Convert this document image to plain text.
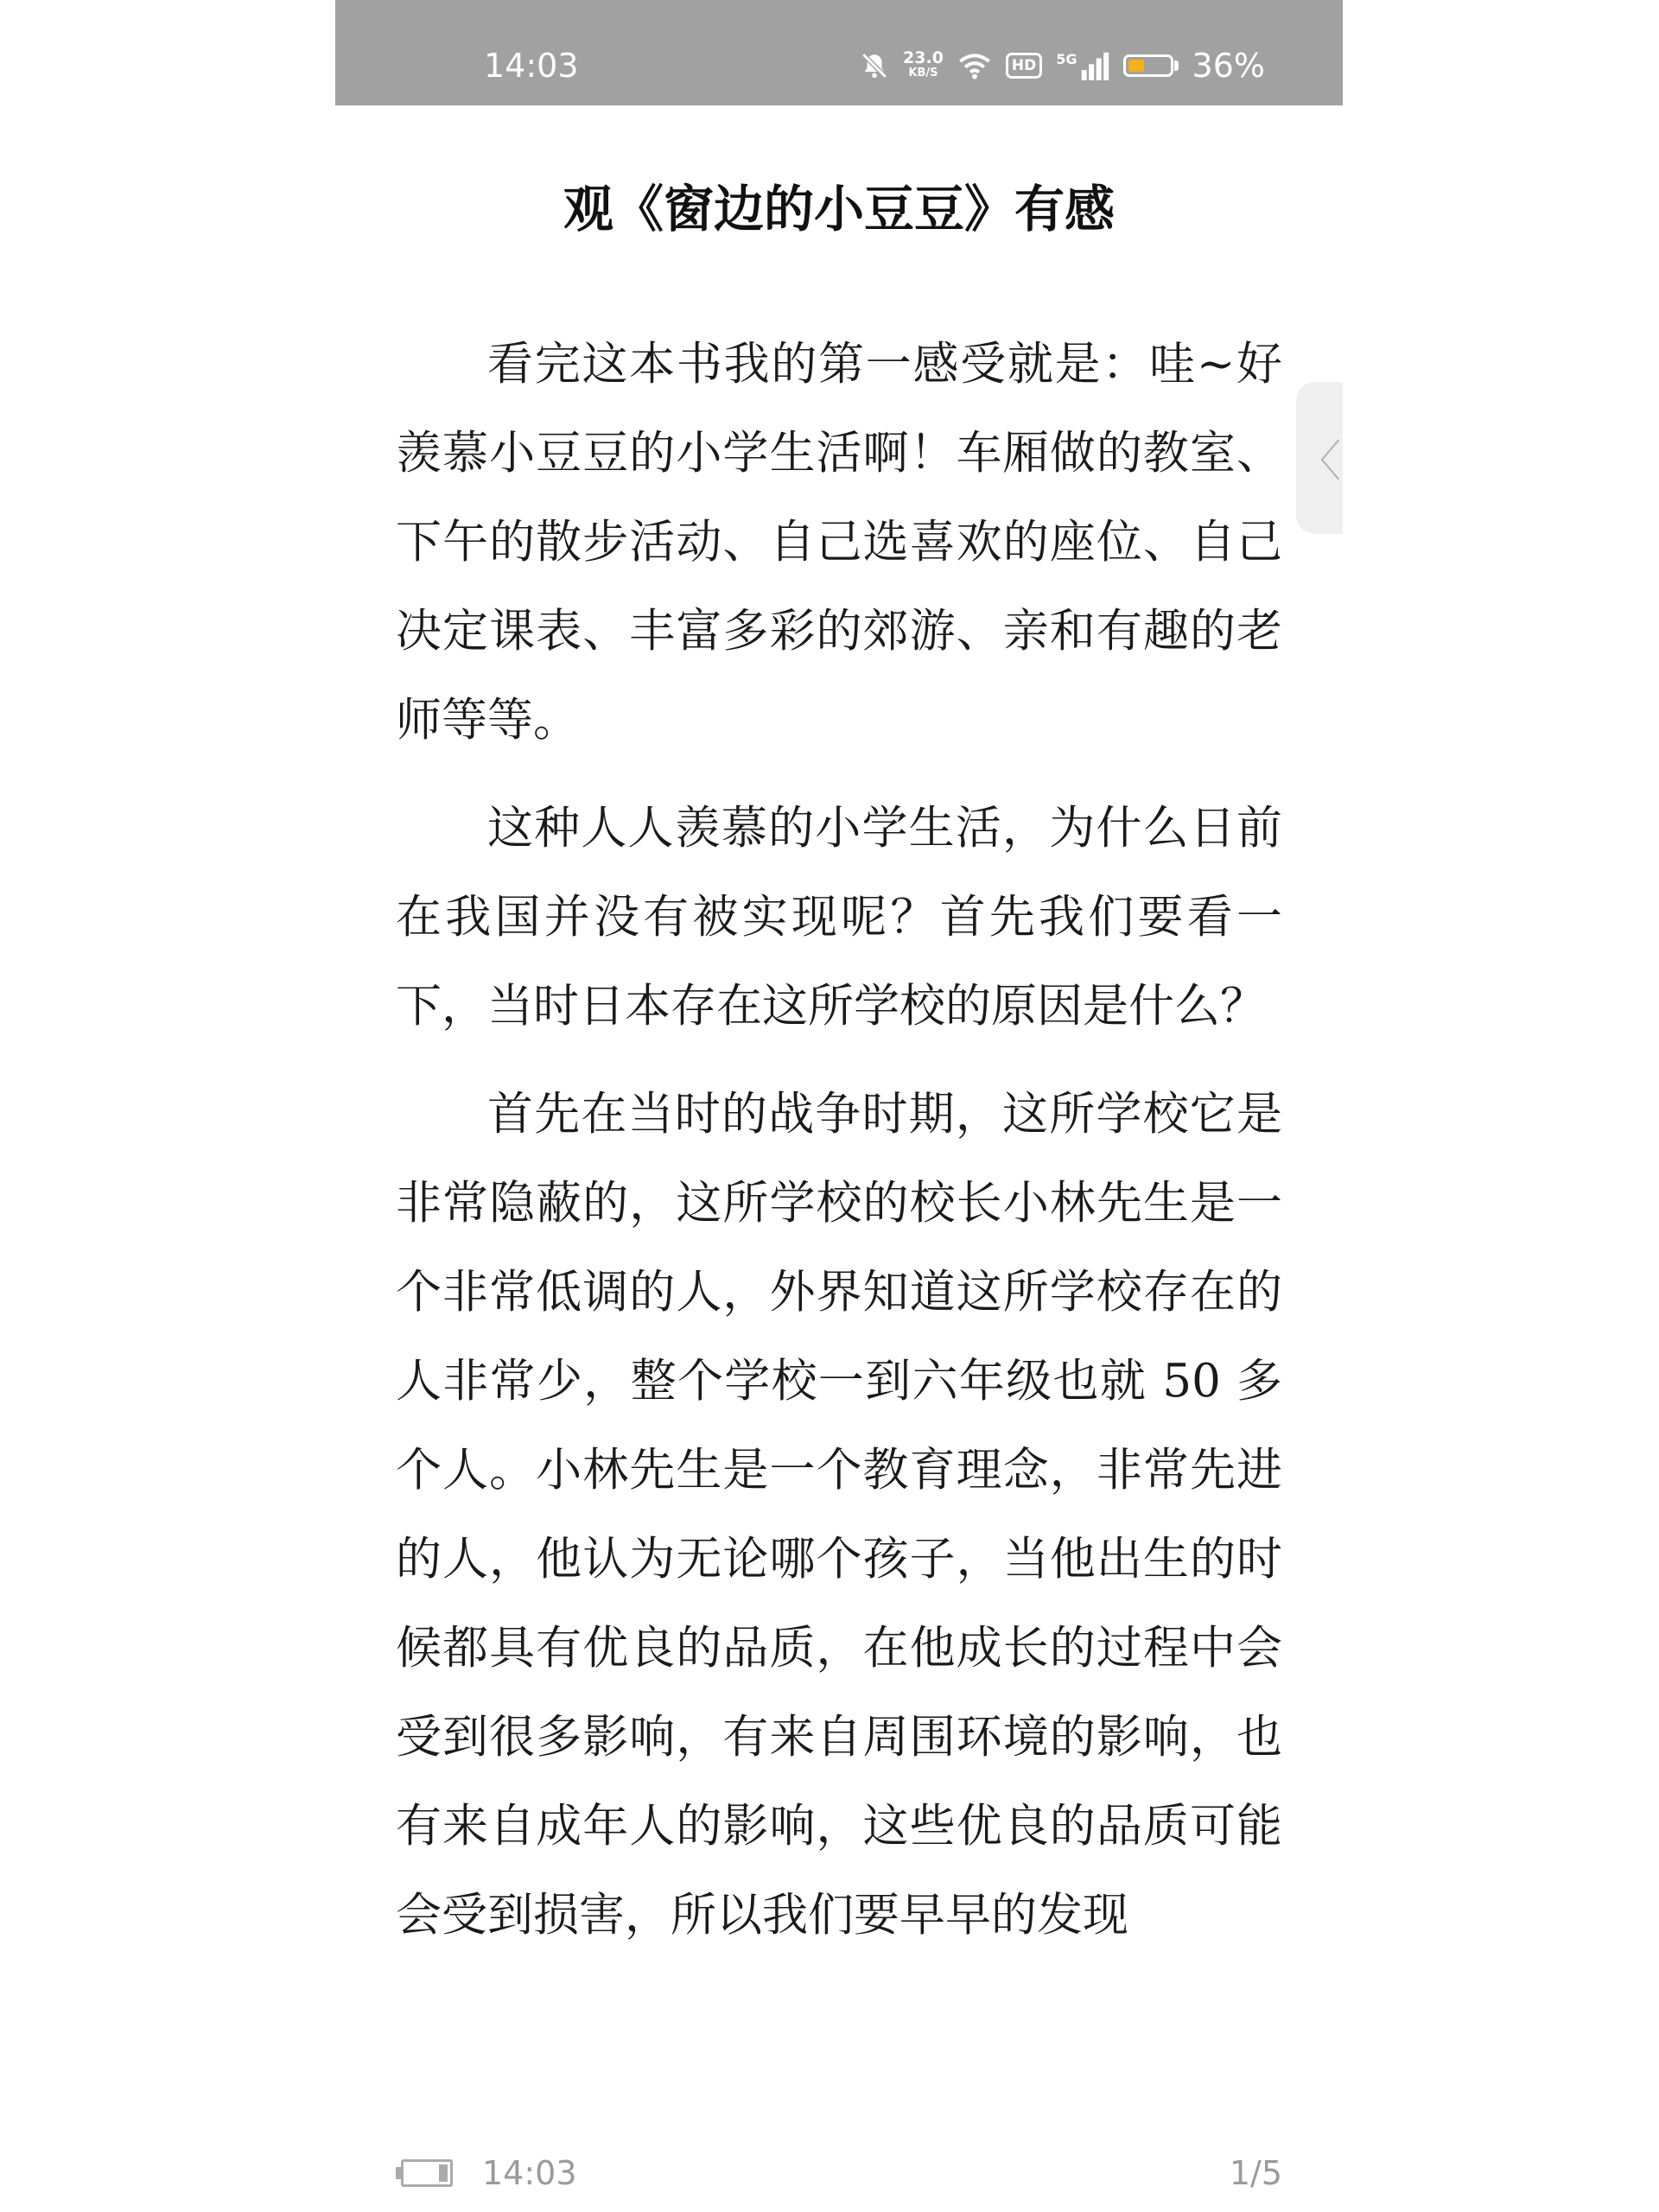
14:03	23.0
KB/S	HD	5G	36%
观《窗边的小豆豆》有感

看完这本书我的第一感受就是：哇~好羡慕小豆豆的小学生活啊！车厢做的教室、下午的散步活动、自己选喜欢的座位、自己决定课表、丰富多彩的郊游、亲和有趣的老师等等。

这种人人羡慕的小学生活，为什么日前在我国并没有被实现呢？首先我们要看一下，当时日本存在这所学校的原因是什么？

首先在当时的战争时期，这所学校它是非常隐蔽的，这所学校的校长小林先生是一个非常低调的人，外界知道这所学校存在的人非常少，整个学校一到六年级也就 50 多个人。小林先生是一个教育理念，非常先进的人，他认为无论哪个孩子，当他出生的时候都具有优良的品质，在他成长的过程中会受到很多影响，有来自周围环境的影响，也有来自成年人的影响，这些优良的品质可能会受到损害，所以我们要早早的发现

〈
14:03	1/5
